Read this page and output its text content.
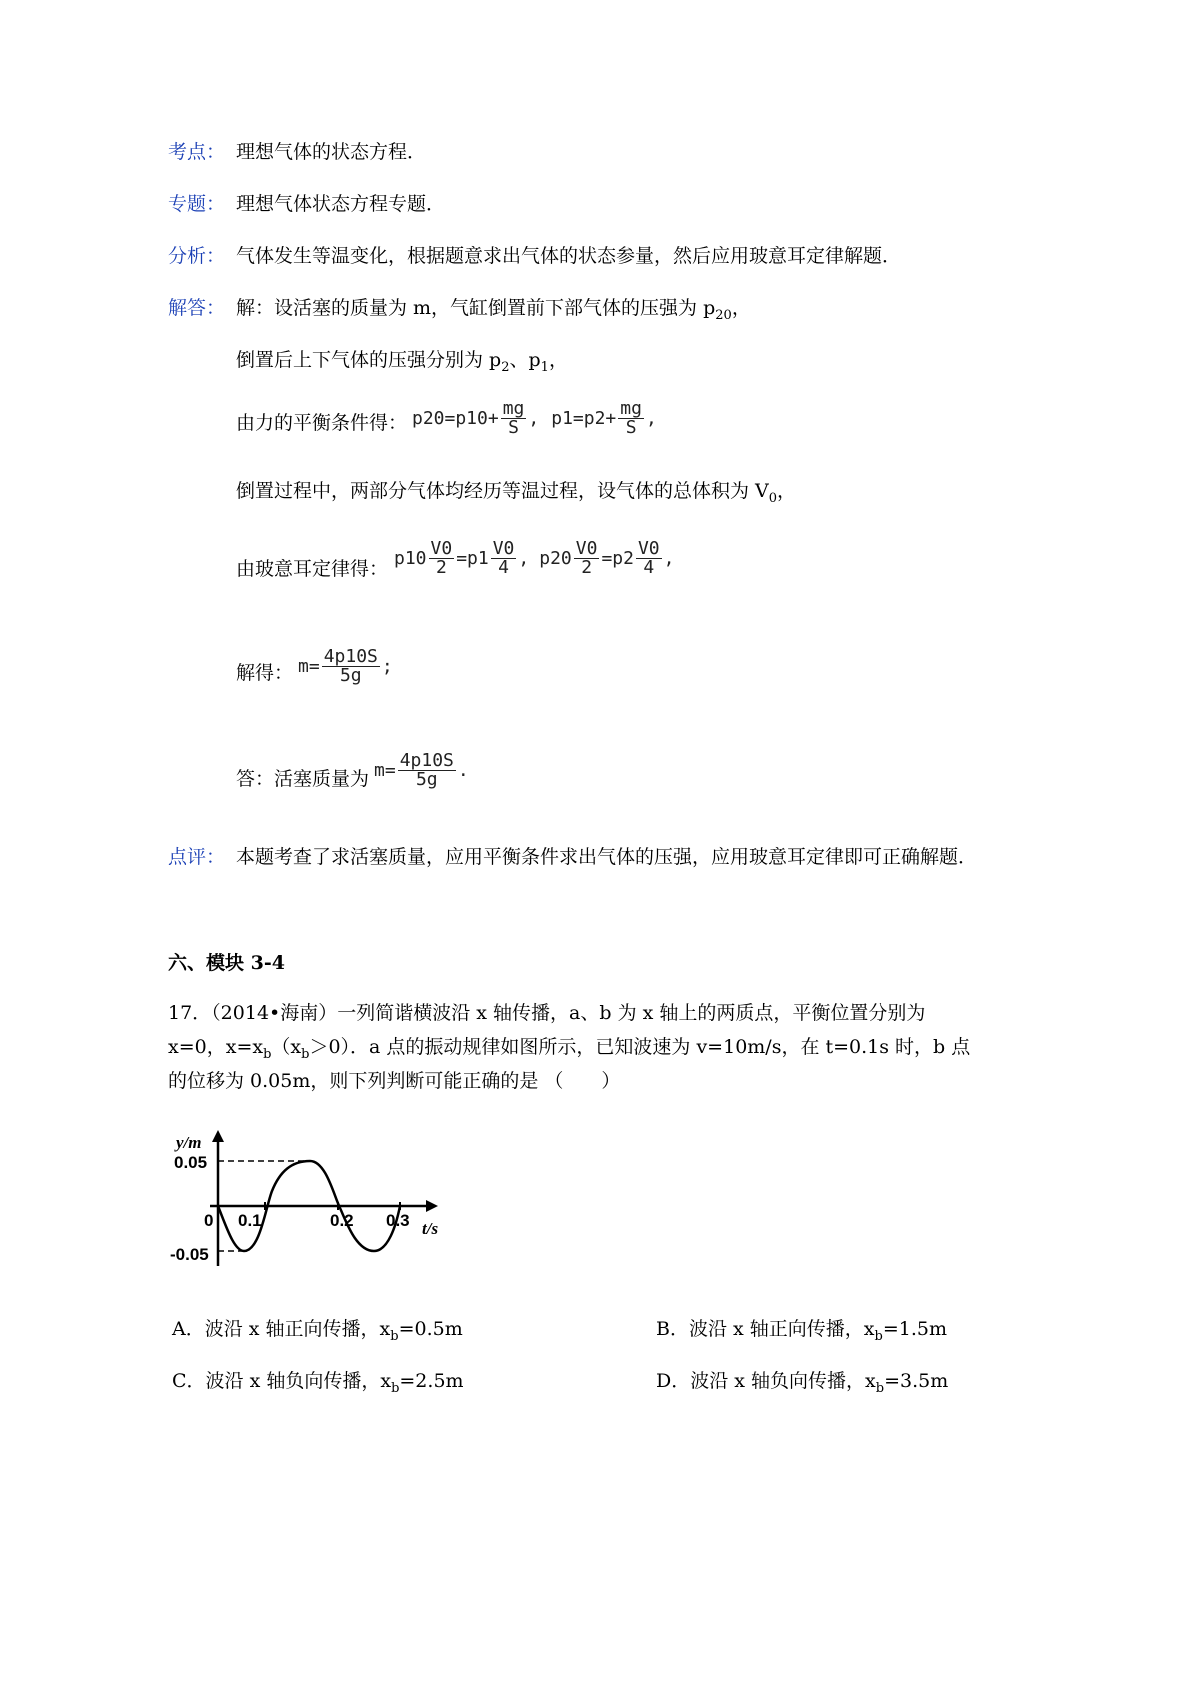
考点： 理想气体的状态方程．
专题： 理想气体状态方程专题．
分析： 气体发生等温变化，根据题意求出气体的状态参量，然后应用玻意耳定律解题．
解答： 解：设活塞的质量为 m，气缸倒置前下部气体的压强为 $p_{20}$，
倒置后上下气体的压强分别为 $p_2$、$p_1$，
由力的平衡条件得： $p20=p10+ \frac{mg}{S}$ , $p1=p2+ \frac{mg}{S}$ ,
倒置过程中，两部分气体均经历等温过程，设气体的总体积为 $V_0$，
由玻意耳定律得： $p10 \frac{V0}{2} =p1 \frac{V0}{4}$ , $p20 \frac{V0}{2} =p2 \frac{V0}{4}$ ,
解得： $m= \frac{4p10S}{5g}$ ;
答：活塞质量为 $m= \frac{4p10S}{5g}$ .
点评： 本题考查了求活塞质量，应用平衡条件求出气体的压强，应用玻意耳定律即可正确解题．
六、模块 3-4
17．（2014•海南）一列简谐横波沿 x 轴传播，a、b 为 x 轴上的两质点，平衡位置分别为
x=0，$x=x_b(x_b>0)$．a 点的振动规律如图所示，已知波速为 v=10m/s，在 t=0.1s 时，b 点
的位移为 0.05m，则下列判断可能正确的是 （　　）
y/m
t/s
0.05
-0.05
0 0.1	0.2 0.3
A．波沿 x 轴正向传播，$x_b=0.5m$	B．波沿 x 轴正向传播，$x_b=1.5m$
C．波沿 x 轴负向传播，$x_b=2.5m$	D．波沿 x 轴负向传播，$x_b=3.5m$
